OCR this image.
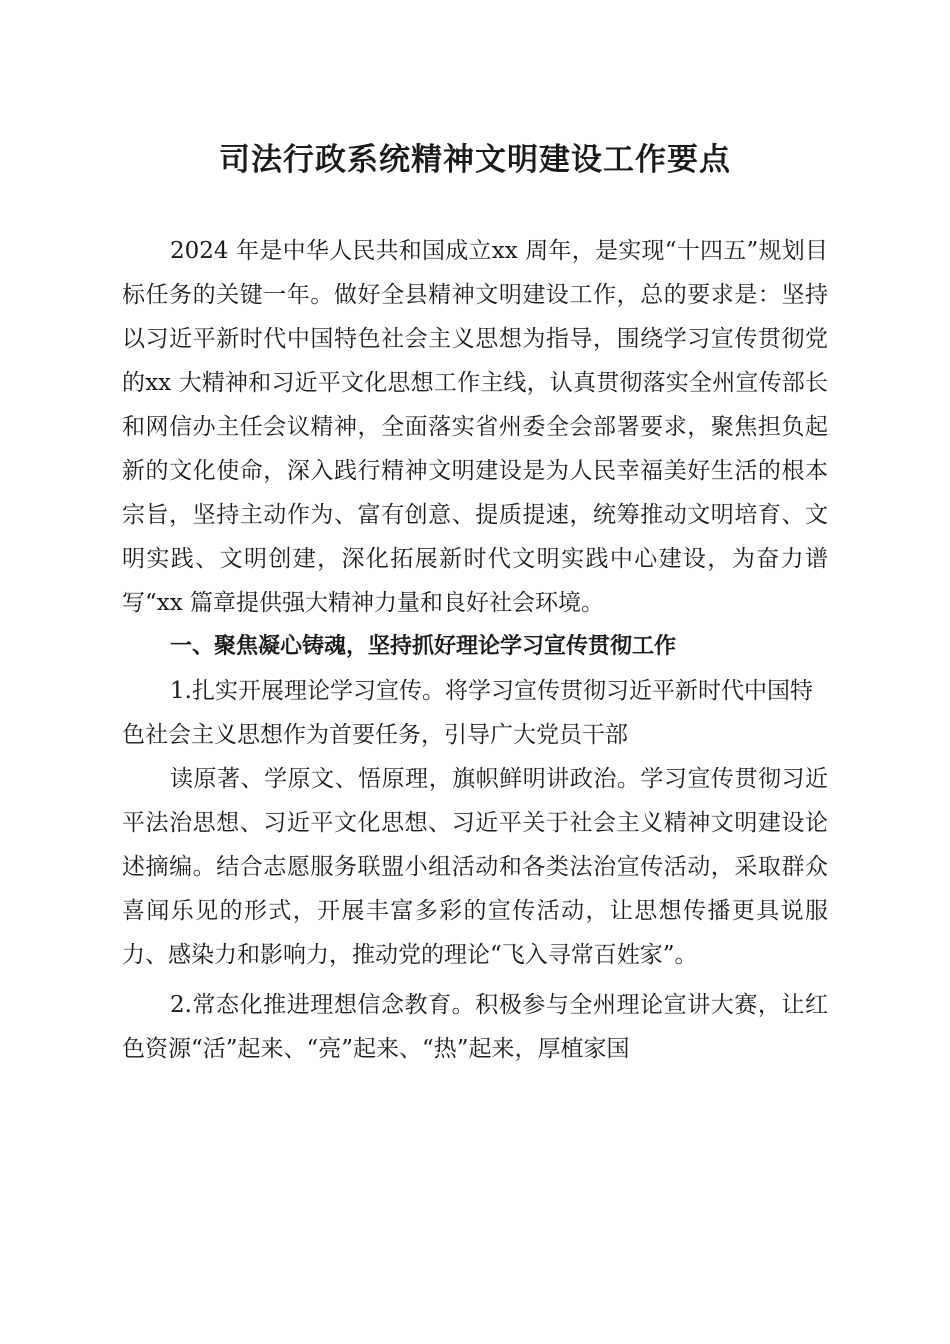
司法行政系统精神文明建设工作要点

2024 年是中华人民共和国成立xx 周年，是实现“十四五”规划目标任务的关键一年。做好全县精神文明建设工作，总的要求是：坚持以习近平新时代中国特色社会主义思想为指导，围绕学习宣传贯彻党的xx 大精神和习近平文化思想工作主线，认真贯彻落实全州宣传部长和网信办主任会议精神，全面落实省州委全会部署要求，聚焦担负起新的文化使命，深入践行精神文明建设是为人民幸福美好生活的根本宗旨，坚持主动作为、富有创意、提质提速，统筹推动文明培育、文明实践、文明创建，深化拓展新时代文明实践中心建设，为奋力谱写“xx 篇章提供强大精神力量和良好社会环境。

一、聚焦凝心铸魂，坚持抓好理论学习宣传贯彻工作

1.扎实开展理论学习宣传。将学习宣传贯彻习近平新时代中国特色社会主义思想作为首要任务，引导广大党员干部

读原著、学原文、悟原理，旗帜鲜明讲政治。学习宣传贯彻习近平法治思想、习近平文化思想、习近平关于社会主义精神文明建设论述摘编。结合志愿服务联盟小组活动和各类法治宣传活动，采取群众喜闻乐见的形式，开展丰富多彩的宣传活动，让思想传播更具说服力、感染力和影响力，推动党的理论“飞入寻常百姓家”。

2.常态化推进理想信念教育。积极参与全州理论宣讲大赛，让红色资源“活”起来、“亮”起来、“热”起来，厚植家国
